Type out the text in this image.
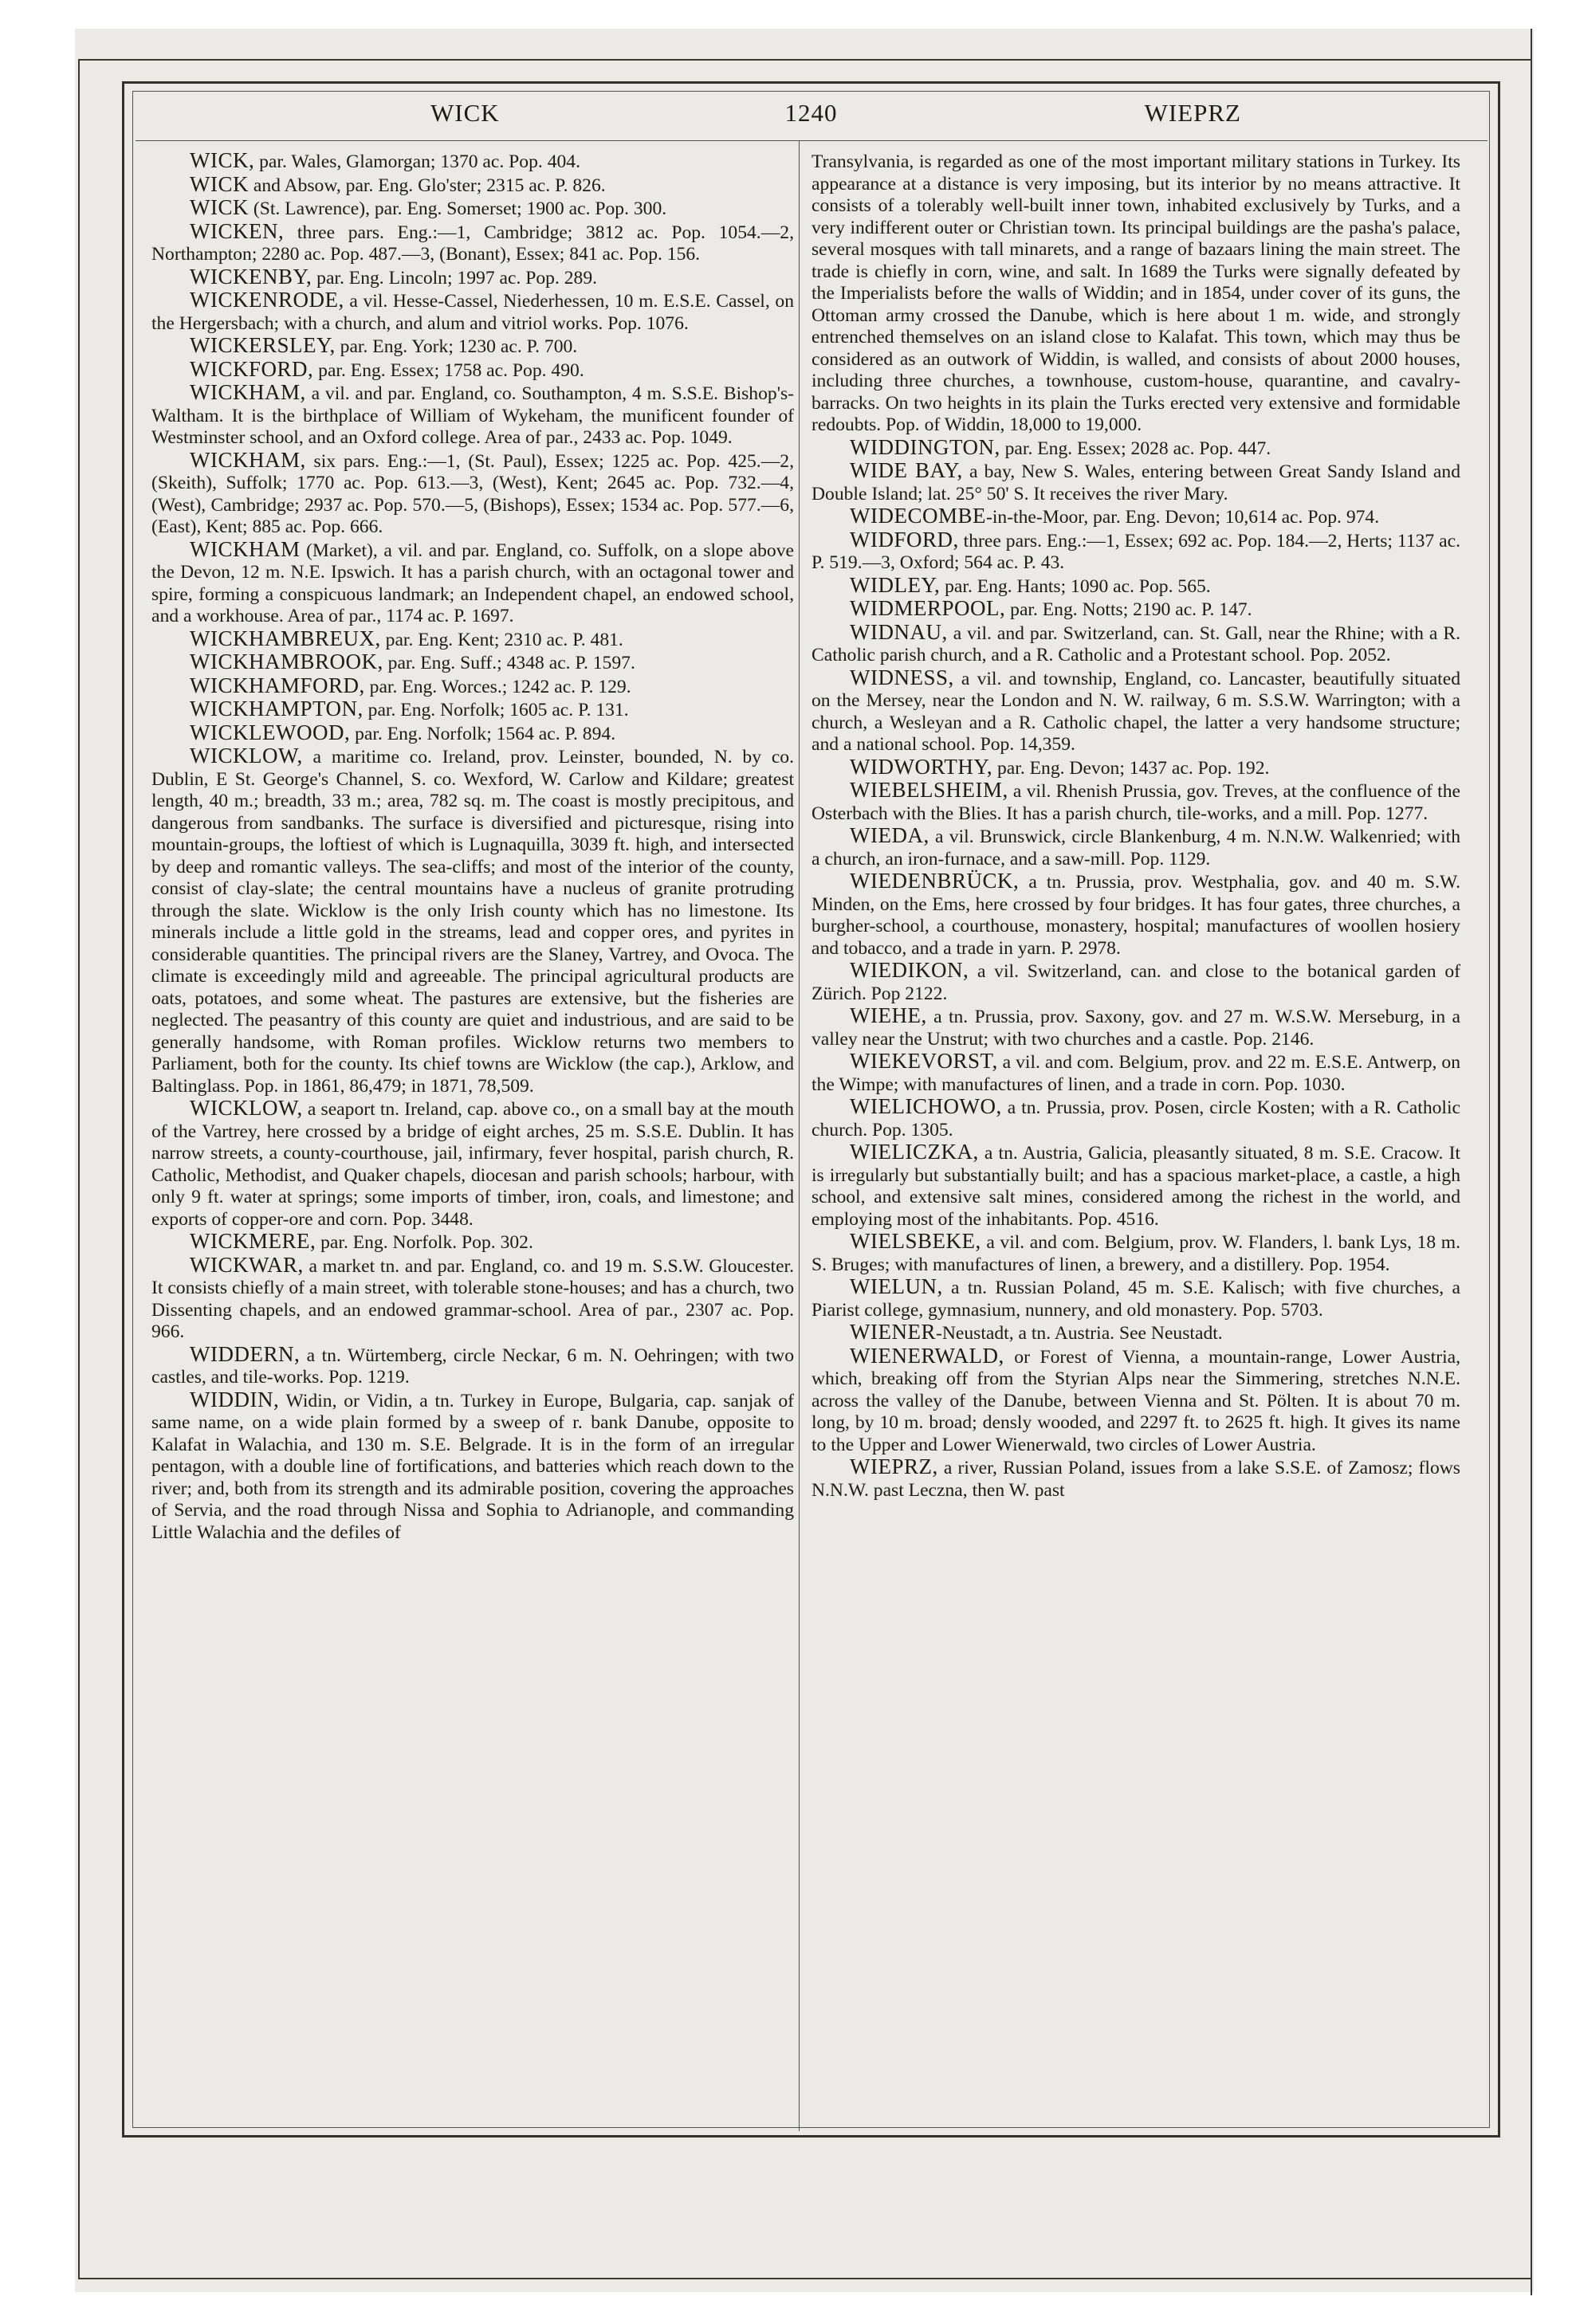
WICK	1240	WIEPRZ

WICK, par. Wales, Glamorgan; 1370 ac. Pop. 404.

WICK and Absow, par. Eng. Glo'ster; 2315 ac. P. 826.

WICK (St. Lawrence), par. Eng. Somerset; 1900 ac. Pop. 300.

WICKEN, three pars. Eng.:—1, Cambridge; 3812 ac. Pop. 1054.—2, Northampton; 2280 ac. Pop. 487.—3, (Bonant), Essex; 841 ac. Pop. 156.

WICKENBY, par. Eng. Lincoln; 1997 ac. Pop. 289.

WICKENRODE, a vil. Hesse-Cassel, Niederhessen, 10 m. E.S.E. Cassel, on the Hergersbach; with a church, and alum and vitriol works. Pop. 1076.

WICKERSLEY, par. Eng. York; 1230 ac. P. 700.

WICKFORD, par. Eng. Essex; 1758 ac. Pop. 490.

WICKHAM, a vil. and par. England, co. Southampton, 4 m. S.S.E. Bishop's-Waltham. It is the birthplace of William of Wykeham, the munificent founder of Westminster school, and an Oxford college. Area of par., 2433 ac. Pop. 1049.

WICKHAM, six pars. Eng.:—1, (St. Paul), Essex; 1225 ac. Pop. 425.—2, (Skeith), Suffolk; 1770 ac. Pop. 613.—3, (West), Kent; 2645 ac. Pop. 732.—4, (West), Cambridge; 2937 ac. Pop. 570.—5, (Bishops), Essex; 1534 ac. Pop. 577.—6, (East), Kent; 885 ac. Pop. 666.

WICKHAM (Market), a vil. and par. England, co. Suffolk, on a slope above the Devon, 12 m. N.E. Ipswich. It has a parish church, with an octagonal tower and spire, forming a conspicuous landmark; an Independent chapel, an endowed school, and a workhouse. Area of par., 1174 ac. P. 1697.

WICKHAMBREUX, par. Eng. Kent; 2310 ac. P. 481.

WICKHAMBROOK, par. Eng. Suff.; 4348 ac. P. 1597.

WICKHAMFORD, par. Eng. Worces.; 1242 ac. P. 129.

WICKHAMPTON, par. Eng. Norfolk; 1605 ac. P. 131.

WICKLEWOOD, par. Eng. Norfolk; 1564 ac. P. 894.

WICKLOW, a maritime co. Ireland, prov. Leinster, bounded, N. by co. Dublin, E St. George's Channel, S. co. Wexford, W. Carlow and Kildare; greatest length, 40 m.; breadth, 33 m.; area, 782 sq. m. The coast is mostly precipitous, and dangerous from sandbanks. The surface is diversified and picturesque, rising into mountain-groups, the loftiest of which is Lugnaquilla, 3039 ft. high, and intersected by deep and romantic valleys. The sea-cliffs; and most of the interior of the county, consist of clay-slate; the central mountains have a nucleus of granite protruding through the slate. Wicklow is the only Irish county which has no limestone. Its minerals include a little gold in the streams, lead and copper ores, and pyrites in considerable quantities. The principal rivers are the Slaney, Vartrey, and Ovoca. The climate is exceedingly mild and agreeable. The principal agricultural products are oats, potatoes, and some wheat. The pastures are extensive, but the fisheries are neglected. The peasantry of this county are quiet and industrious, and are said to be generally handsome, with Roman profiles. Wicklow returns two members to Parliament, both for the county. Its chief towns are Wicklow (the cap.), Arklow, and Baltinglass. Pop. in 1861, 86,479; in 1871, 78,509.

WICKLOW, a seaport tn. Ireland, cap. above co., on a small bay at the mouth of the Vartrey, here crossed by a bridge of eight arches, 25 m. S.S.E. Dublin. It has narrow streets, a county-courthouse, jail, infirmary, fever hospital, parish church, R. Catholic, Methodist, and Quaker chapels, diocesan and parish schools; harbour, with only 9 ft. water at springs; some imports of timber, iron, coals, and limestone; and exports of copper-ore and corn. Pop. 3448.

WICKMERE, par. Eng. Norfolk. Pop. 302.

WICKWAR, a market tn. and par. England, co. and 19 m. S.S.W. Gloucester. It consists chiefly of a main street, with tolerable stone-houses; and has a church, two Dissenting chapels, and an endowed grammar-school. Area of par., 2307 ac. Pop. 966.

WIDDERN, a tn. Würtemberg, circle Neckar, 6 m. N. Oehringen; with two castles, and tile-works. Pop. 1219.

WIDDIN, Widin, or Vidin, a tn. Turkey in Europe, Bulgaria, cap. sanjak of same name, on a wide plain formed by a sweep of r. bank Danube, opposite to Kalafat in Walachia, and 130 m. S.E. Belgrade. It is in the form of an irregular pentagon, with a double line of fortifications, and batteries which reach down to the river; and, both from its strength and its admirable position, covering the approaches of Servia, and the road through Nissa and Sophia to Adrianople, and commanding Little Walachia and the defiles of

Transylvania, is regarded as one of the most important military stations in Turkey. Its appearance at a distance is very imposing, but its interior by no means attractive. It consists of a tolerably well-built inner town, inhabited exclusively by Turks, and a very indifferent outer or Christian town. Its principal buildings are the pasha's palace, several mosques with tall minarets, and a range of bazaars lining the main street. The trade is chiefly in corn, wine, and salt. In 1689 the Turks were signally defeated by the Imperialists before the walls of Widdin; and in 1854, under cover of its guns, the Ottoman army crossed the Danube, which is here about 1 m. wide, and strongly entrenched themselves on an island close to Kalafat. This town, which may thus be considered as an outwork of Widdin, is walled, and consists of about 2000 houses, including three churches, a townhouse, custom-house, quarantine, and cavalry-barracks. On two heights in its plain the Turks erected very extensive and formidable redoubts. Pop. of Widdin, 18,000 to 19,000.

WIDDINGTON, par. Eng. Essex; 2028 ac. Pop. 447.

WIDE BAY, a bay, New S. Wales, entering between Great Sandy Island and Double Island; lat. 25° 50' S. It receives the river Mary.

WIDECOMBE-in-the-Moor, par. Eng. Devon; 10,614 ac. Pop. 974.

WIDFORD, three pars. Eng.:—1, Essex; 692 ac. Pop. 184.—2, Herts; 1137 ac. P. 519.—3, Oxford; 564 ac. P. 43.

WIDLEY, par. Eng. Hants; 1090 ac. Pop. 565.

WIDMERPOOL, par. Eng. Notts; 2190 ac. P. 147.

WIDNAU, a vil. and par. Switzerland, can. St. Gall, near the Rhine; with a R. Catholic parish church, and a R. Catholic and a Protestant school. Pop. 2052.

WIDNESS, a vil. and township, England, co. Lancaster, beautifully situated on the Mersey, near the London and N. W. railway, 6 m. S.S.W. Warrington; with a church, a Wesleyan and a R. Catholic chapel, the latter a very handsome structure; and a national school. Pop. 14,359.

WIDWORTHY, par. Eng. Devon; 1437 ac. Pop. 192.

WIEBELSHEIM, a vil. Rhenish Prussia, gov. Treves, at the confluence of the Osterbach with the Blies. It has a parish church, tile-works, and a mill. Pop. 1277.

WIEDA, a vil. Brunswick, circle Blankenburg, 4 m. N.N.W. Walkenried; with a church, an iron-furnace, and a saw-mill. Pop. 1129.

WIEDENBRÜCK, a tn. Prussia, prov. Westphalia, gov. and 40 m. S.W. Minden, on the Ems, here crossed by four bridges. It has four gates, three churches, a burgher-school, a courthouse, monastery, hospital; manufactures of woollen hosiery and tobacco, and a trade in yarn. P. 2978.

WIEDIKON, a vil. Switzerland, can. and close to the botanical garden of Zürich. Pop 2122.

WIEHE, a tn. Prussia, prov. Saxony, gov. and 27 m. W.S.W. Merseburg, in a valley near the Unstrut; with two churches and a castle. Pop. 2146.

WIEKEVORST, a vil. and com. Belgium, prov. and 22 m. E.S.E. Antwerp, on the Wimpe; with manufactures of linen, and a trade in corn. Pop. 1030.

WIELICHOWO, a tn. Prussia, prov. Posen, circle Kosten; with a R. Catholic church. Pop. 1305.

WIELICZKA, a tn. Austria, Galicia, pleasantly situated, 8 m. S.E. Cracow. It is irregularly but substantially built; and has a spacious market-place, a castle, a high school, and extensive salt mines, considered among the richest in the world, and employing most of the inhabitants. Pop. 4516.

WIELSBEKE, a vil. and com. Belgium, prov. W. Flanders, l. bank Lys, 18 m. S. Bruges; with manufactures of linen, a brewery, and a distillery. Pop. 1954.

WIELUN, a tn. Russian Poland, 45 m. S.E. Kalisch; with five churches, a Piarist college, gymnasium, nunnery, and old monastery. Pop. 5703.

WIENER-Neustadt, a tn. Austria. See Neustadt.

WIENERWALD, or Forest of Vienna, a mountain-range, Lower Austria, which, breaking off from the Styrian Alps near the Simmering, stretches N.N.E. across the valley of the Danube, between Vienna and St. Pölten. It is about 70 m. long, by 10 m. broad; densly wooded, and 2297 ft. to 2625 ft. high. It gives its name to the Upper and Lower Wienerwald, two circles of Lower Austria.

WIEPRZ, a river, Russian Poland, issues from a lake S.S.E. of Zamosz; flows N.N.W. past Leczna, then W. past
